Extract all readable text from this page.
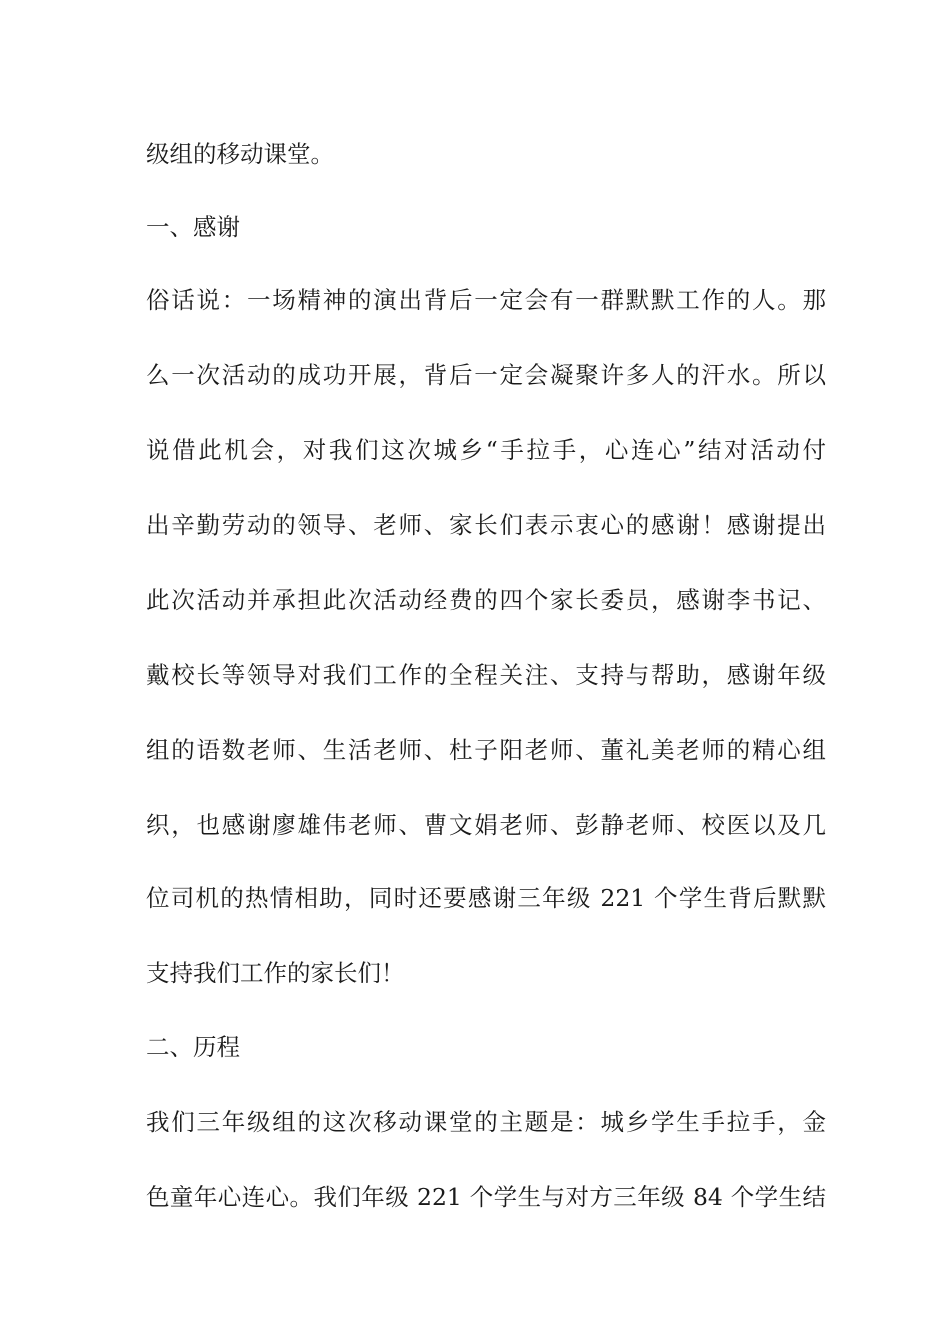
级组的移动课堂。
一、感谢
俗话说：一场精神的演出背后一定会有一群默默工作的人。那
么一次活动的成功开展，背后一定会凝聚许多人的汗水。所以
说借此机会，对我们这次城乡“手拉手，心连心”结对活动付
出辛勤劳动的领导、老师、家长们表示衷心的感谢！感谢提出
此次活动并承担此次活动经费的四个家长委员，感谢李书记、
戴校长等领导对我们工作的全程关注、支持与帮助，感谢年级
组的语数老师、生活老师、杜子阳老师、董礼美老师的精心组
织，也感谢廖雄伟老师、曹文娟老师、彭静老师、校医以及几
位司机的热情相助，同时还要感谢三年级 221 个学生背后默默
支持我们工作的家长们！
二、历程
我们三年级组的这次移动课堂的主题是：城乡学生手拉手，金
色童年心连心。我们年级 221 个学生与对方三年级 84 个学生结
